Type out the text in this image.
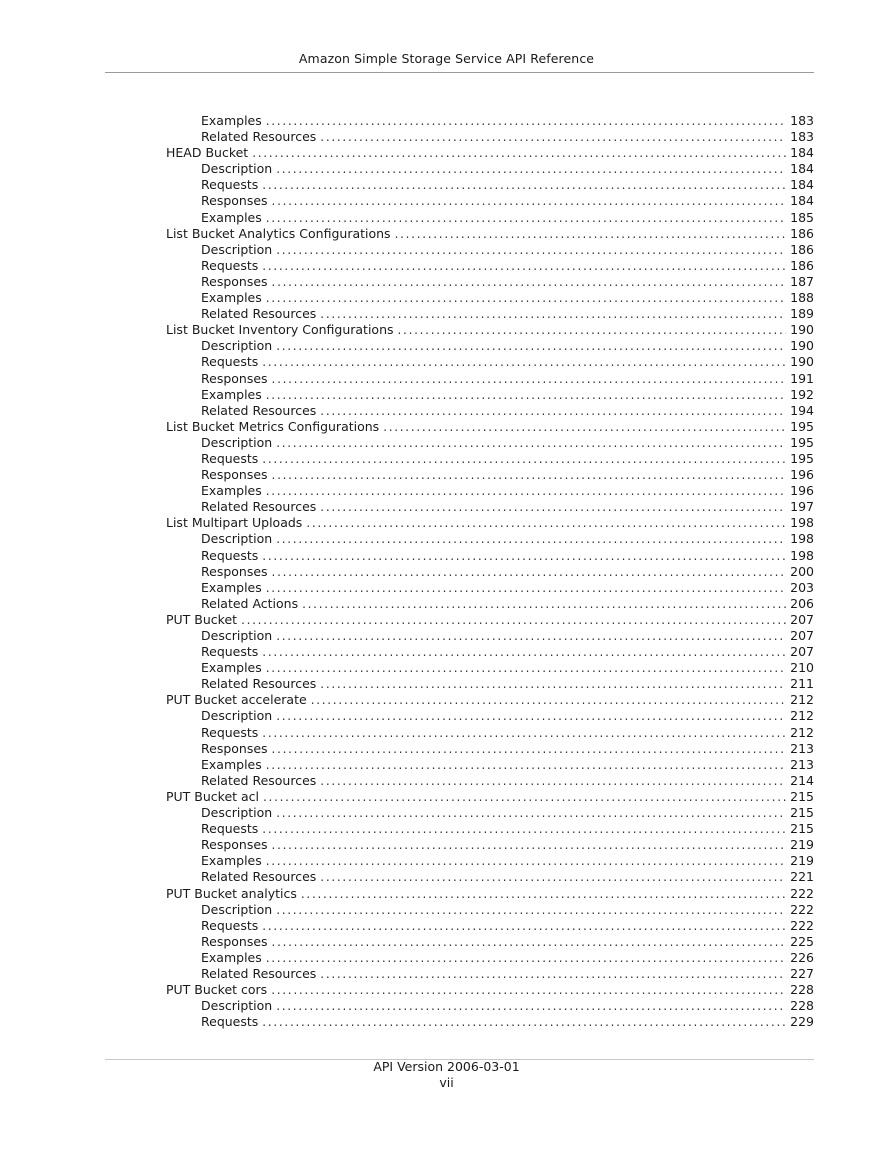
Amazon Simple Storage Service API Reference
Examples . . .	183
Related Resources . . .	183
HEAD Bucket . . .	184
Description . . .	184
Requests . . .	184
Responses . . .	184
Examples . . .	185
List Bucket Analytics Configurations . . .	186
Description . . .	186
Requests . . .	186
Responses . . .	187
Examples . . .	188
Related Resources . . .	189
List Bucket Inventory Configurations . . .	190
Description . . .	190
Requests . . .	190
Responses . . .	191
Examples . . .	192
Related Resources . . .	194
List Bucket Metrics Configurations . . .	195
Description . . .	195
Requests . . .	195
Responses . . .	196
Examples . . .	196
Related Resources . . .	197
List Multipart Uploads . . .	198
Description . . .	198
Requests . . .	198
Responses . . .	200
Examples . . .	203
Related Actions . . .	206
PUT Bucket . . .	207
Description . . .	207
Requests . . .	207
Examples . . .	210
Related Resources . . .	211
PUT Bucket accelerate . . .	212
Description . . .	212
Requests . . .	212
Responses . . .	213
Examples . . .	213
Related Resources . . .	214
PUT Bucket acl . . .	215
Description . . .	215
Requests . . .	215
Responses . . .	219
Examples . . .	219
Related Resources . . .	221
PUT Bucket analytics . . .	222
Description . . .	222
Requests . . .	222
Responses . . .	225
Examples . . .	226
Related Resources . . .	227
PUT Bucket cors . . .	228
Description . . .	228
Requests . . .	229
API Version 2006-03-01
vii
